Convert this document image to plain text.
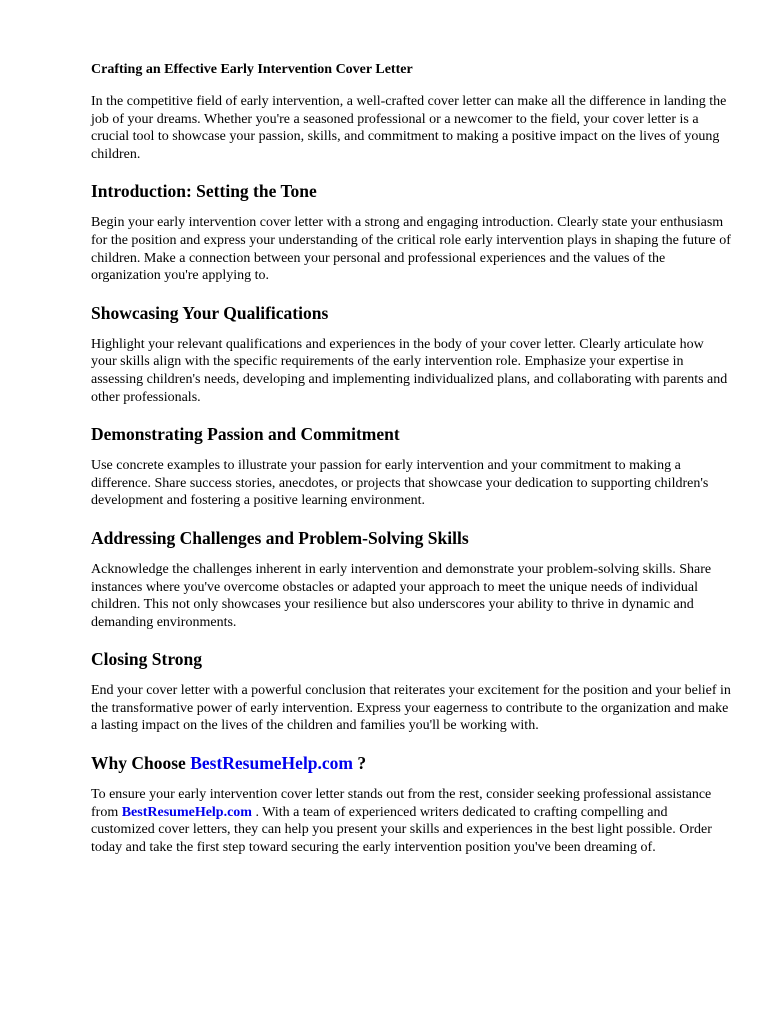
Crafting an Effective Early Intervention Cover Letter

In the competitive field of early intervention, a well-crafted cover letter can make all the difference in landing the job of your dreams. Whether you're a seasoned professional or a newcomer to the field, your cover letter is a crucial tool to showcase your passion, skills, and commitment to making a positive impact on the lives of young children.

Introduction: Setting the Tone

Begin your early intervention cover letter with a strong and engaging introduction. Clearly state your enthusiasm for the position and express your understanding of the critical role early intervention plays in shaping the future of children. Make a connection between your personal and professional experiences and the values of the organization you're applying to.

Showcasing Your Qualifications

Highlight your relevant qualifications and experiences in the body of your cover letter. Clearly articulate how your skills align with the specific requirements of the early intervention role. Emphasize your expertise in assessing children's needs, developing and implementing individualized plans, and collaborating with parents and other professionals.

Demonstrating Passion and Commitment

Use concrete examples to illustrate your passion for early intervention and your commitment to making a difference. Share success stories, anecdotes, or projects that showcase your dedication to supporting children's development and fostering a positive learning environment.

Addressing Challenges and Problem-Solving Skills

Acknowledge the challenges inherent in early intervention and demonstrate your problem-solving skills. Share instances where you've overcome obstacles or adapted your approach to meet the unique needs of individual children. This not only showcases your resilience but also underscores your ability to thrive in dynamic and demanding environments.

Closing Strong

End your cover letter with a powerful conclusion that reiterates your excitement for the position and your belief in the transformative power of early intervention. Express your eagerness to contribute to the organization and make a lasting impact on the lives of the children and families you'll be working with.

Why Choose BestResumeHelp.com ?

To ensure your early intervention cover letter stands out from the rest, consider seeking professional assistance from BestResumeHelp.com . With a team of experienced writers dedicated to crafting compelling and customized cover letters, they can help you present your skills and experiences in the best light possible. Order today and take the first step toward securing the early intervention position you've been dreaming of.
